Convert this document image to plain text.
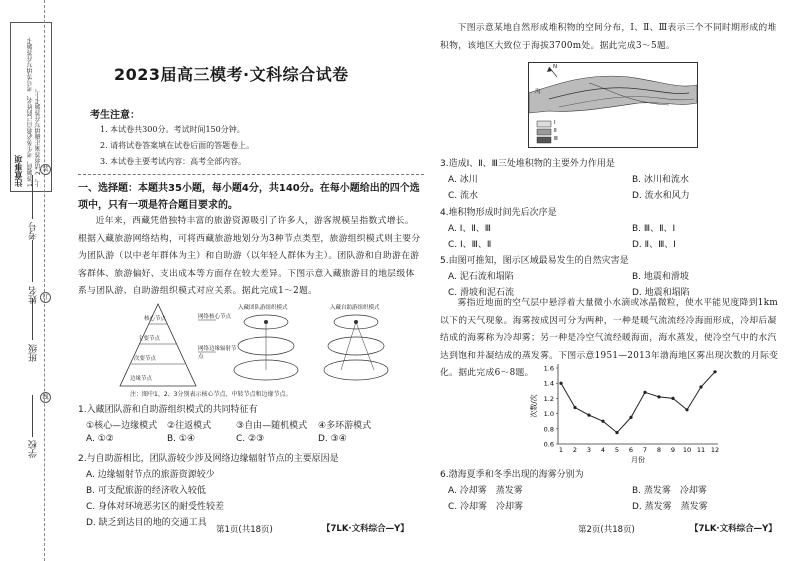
注意事项 1.答题前，考生务必将自己的姓名、考号等填写在答题卡上。2.请将答案正确填写在答题卡上。 装
订
线
学校
班级
姓名
考号
2023届高三模考·文科综合试卷
考生注意：
1. 本试卷共300分。考试时间150分钟。
2. 请将试卷答案填在试卷后面的答题卷上。
3. 本试卷主要考试内容：高考全部内容。
一、选择题：本题共35小题，每小题4分，共140分。在每小题给出的四个选项中，只有一项是符合题目要求的。
近年来，西藏凭借独特丰富的旅游资源吸引了许多人，游客规模呈指数式增长。根据入藏旅游网络结构，可将西藏旅游地划分为3种节点类型，旅游组织模式则主要分为团队游（以中老年群体为主）和自助游（以年轻人群体为主）。团队游和自助游在游客群体、旅游偏好、支出成本等方面存在较大差异。下图示意入藏旅游目的地层级体系与团队游、自助游组织模式对应关系。据此完成1～2题。
核心节点
主要节点
次要节点
边缘节点
网络核心节点
网络边缘辐射节点
入藏团队游组织模式	入藏自助游组织模式
注：图中1、2、3分别表示核心节点、中转节点和边缘节点。
1.入藏团队游和自助游组织模式的共同特征有
①核心—边缘模式 ②往返模式	③自由—随机模式 ④多环游模式
A. ①②	B. ①④	C. ②③	D. ③④
2.与自助游相比，团队游较少涉及网络边缘辐射节点的主要原因是
A. 边缘辐射节点的旅游资源较少
B. 可支配旅游的经济收入较低
C. 身体对环境恶劣区的耐受性较差
D. 缺乏到达目的地的交通工具
第1页(共18页)	【7LK·文科综合—Y】
下图示意某地自然形成堆积物的空间分布，Ⅰ、Ⅱ、Ⅲ表示三个不同时期形成的堆积物，该地区大致位于海拔3700m处。据此完成3～5题。
N
沟
Ⅰ
Ⅱ
Ⅲ
3.造成Ⅰ、Ⅱ、Ⅲ三处堆积物的主要外力作用是
A. 冰川	B. 冰川和流水
C. 流水	D. 流水和风力
4.堆积物形成时间先后次序是
A. Ⅰ、Ⅱ、Ⅲ	B. Ⅲ、Ⅱ、Ⅰ
C. Ⅰ、Ⅲ、Ⅱ	D. Ⅱ、Ⅲ、Ⅰ
5.由图可推知，图示区域最易发生的自然灾害是
A. 泥石流和塌陷	B. 地震和滑坡
C. 滑坡和泥石流	D. 地震和塌陷
雾指近地面的空气层中悬浮着大量微小水滴或冰晶微粒，使水平能见度降到1km以下的天气现象。海雾按成因可分为两种，一种是暖气流流经冷海面形成，冷却后凝结成的海雾称为冷却雾；另一种是冷空气流经暖海面，海水蒸发，使冷空气中的水汽达到饱和并凝结成的蒸发雾。下图示意1951—2013年渤海地区雾出现次数的月际变化。据此完成6～8题。
0.6
0.8
1.0
1.2
1.4
1.6
1 2 3 4 5 6 7 8 9 10 11 12
月份
次数/次
6.渤海夏季和冬季出现的海雾分别为
A. 冷却雾　蒸发雾	B. 蒸发雾　冷却雾
C. 冷却雾　冷却雾	D. 蒸发雾　蒸发雾
第2页(共18页)	【7LK·文科综合—Y】
